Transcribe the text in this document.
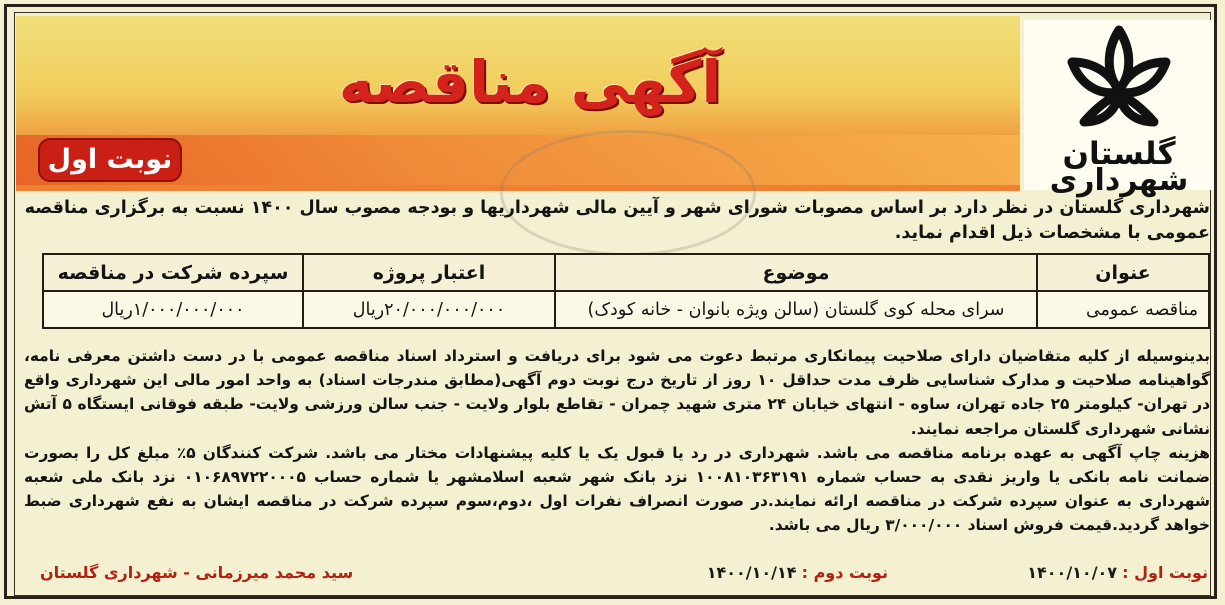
آگهی مناقصه
نوبت اول	گلستان
شهرداری
شهرداری گلستان در نظر دارد بر اساس مصوبات شورای شهر و آیین مالی شهرداریها و بودجه مصوب سال ۱۴۰۰ نسبت به برگزاری مناقصه عمومی با مشخصات ذیل اقدام نماید.
عنوان	موضوع	اعتبار پروژه	سپرده شرکت در مناقصه
مناقصه عمومی	سرای محله کوی گلستان (سالن ویژه بانوان - خانه کودک)	۲۰/۰۰۰/۰۰۰/۰۰۰ریال	۱/۰۰۰/۰۰۰/۰۰۰ریال
بدینوسیله از کلیه متقاضیان دارای صلاحیت پیمانکاری مرتبط دعوت می شود برای دریافت و استرداد اسناد مناقصه عمومی با در دست داشتن معرفی نامه، گواهینامه صلاحیت و مدارک شناسایی ظرف مدت حداقل ۱۰ روز از تاریخ درج نوبت دوم آگهی(مطابق مندرجات اسناد) به واحد امور مالی این شهرداری واقع در تهران- کیلومتر ۲۵ جاده تهران، ساوه - انتهای خیابان ۲۴ متری شهید چمران - تقاطع بلوار ولایت - جنب سالن ورزشی ولایت- طبقه فوقانی ایستگاه ۵ آتش نشانی شهرداری گلستان مراجعه نمایند.
هزینه چاپ آگهی به عهده برنامه مناقصه می باشد. شهرداری در رد یا قبول یک یا کلیه پیشنهادات مختار می باشد. شرکت کنندگان ۵٪ مبلغ کل را بصورت ضمانت نامه بانکی یا واریز نقدی به حساب شماره ۱۰۰۸۱۰۳۶۳۱۹۱ نزد بانک شهر شعبه اسلامشهر یا شماره حساب ۰۱۰۶۸۹۷۲۲۰۰۰۵ نزد بانک ملی شعبه شهرداری به عنوان سپرده شرکت در مناقصه ارائه نمایند.در صورت انصراف نفرات اول ،دوم،سوم سپرده شرکت در مناقصه ایشان به نفع شهرداری ضبط خواهد گردید.قیمت فروش اسناد ۳/۰۰۰/۰۰۰ ریال می باشد.
نوبت اول : ۱۴۰۰/۱۰/۰۷
نوبت دوم : ۱۴۰۰/۱۰/۱۴
سید محمد میرزمانی - شهرداری گلستان
